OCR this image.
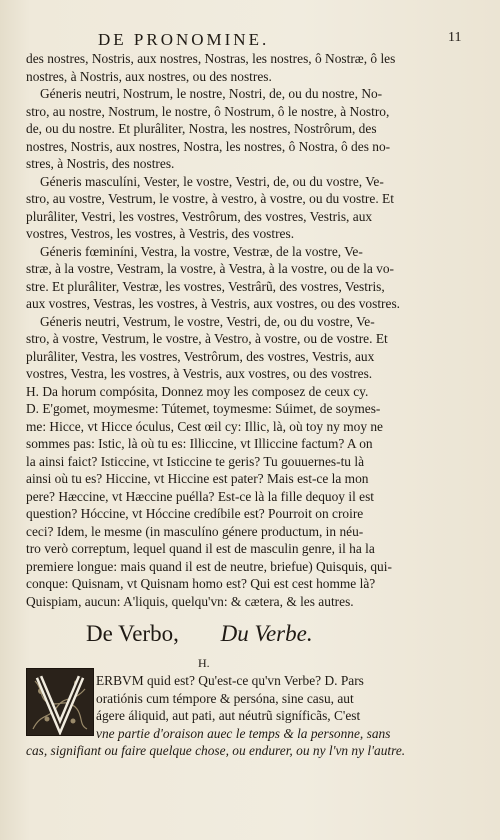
DE PRONOMINE.	11
des nostres, Nostris, aux nostres, Nostras, les nostres, ô Nostræ, ô les
nostres, à Nostris, aux nostres, ou des nostres.
Géneris neutri, Nostrum, le nostre, Nostri, de, ou du nostre, No-
stro, au nostre, Nostrum, le nostre, ô Nostrum, ô le nostre, à Nostro,
de, ou du nostre. Et plurâliter, Nostra, les nostres, Nostrôrum, des
nostres, Nostris, aux nostres, Nostra, les nostres, ô Nostra, ô des no-
stres, à Nostris, des nostres.
Géneris masculíni, Vester, le vostre, Vestri, de, ou du vostre, Ve-
stro, au vostre, Vestrum, le vostre, à vestro, à vostre, ou du vostre. Et
plurâliter, Vestri, les vostres, Vestrôrum, des vostres, Vestris, aux
vostres, Vestros, les vostres, à Vestris, des vostres.
Géneris fœminíni, Vestra, la vostre, Vestræ, de la vostre, Ve-
stræ, à la vostre, Vestram, la vostre, à Vestra, à la vostre, ou de la vo-
stre. Et plurâliter, Vestræ, les vostres, Vestrârũ, des vostres, Vestris,
aux vostres, Vestras, les vostres, à Vestris, aux vostres, ou des vostres.
Géneris neutri, Vestrum, le vostre, Vestri, de, ou du vostre, Ve-
stro, à vostre, Vestrum, le vostre, à Vestro, à vostre, ou de vostre. Et
plurâliter, Vestra, les vostres, Vestrôrum, des vostres, Vestris, aux
vostres, Vestra, les vostres, à Vestris, aux vostres, ou des vostres.
H. Da horum compósita, Donnez moy les composez de ceux cy.
D. E'gomet, moymesme: Tútemet, toymesme: Súimet, de soymes-
me: Hicce, vt Hicce óculus, Cest œil cy: Illic, là, où toy ny moy ne
sommes pas: Istic, là où tu es: Illiccine, vt Illiccine factum? A on
la ainsi faict? Isticcine, vt Isticcine te geris? Tu gouuernes-tu là
ainsi où tu es? Hiccine, vt Hiccine est pater? Mais est-ce la mon
pere? Hæccine, vt Hæccine puélla? Est-ce là la fille dequoy il est
question? Hóccine, vt Hóccine credíbile est? Pourroit on croire
ceci? Idem, le mesme (in masculíno génere productum, in néu-
tro verò correptum, lequel quand il est de masculin genre, il ha la
premiere longue: mais quand il est de neutre, briefue) Quisquis, qui-
conque: Quisnam, vt Quisnam homo est? Qui est cest homme là?
Quispiam, aucun: A'liquis, quelqu'vn: & cætera, & les autres.
De Verbo, Du Verbe.
H.
ERBVM quid est? Qu'est-ce qu'vn Verbe? D. Pars
oratiónis cum témpore & persóna, sine casu, aut
ágere áliquid, aut pati, aut néutrũ signíficãs, C'est
vne partie d'oraison auec le temps & la personne, sans
cas, signifiant ou faire quelque chose, ou endurer, ou ny l'vn ny l'autre.
